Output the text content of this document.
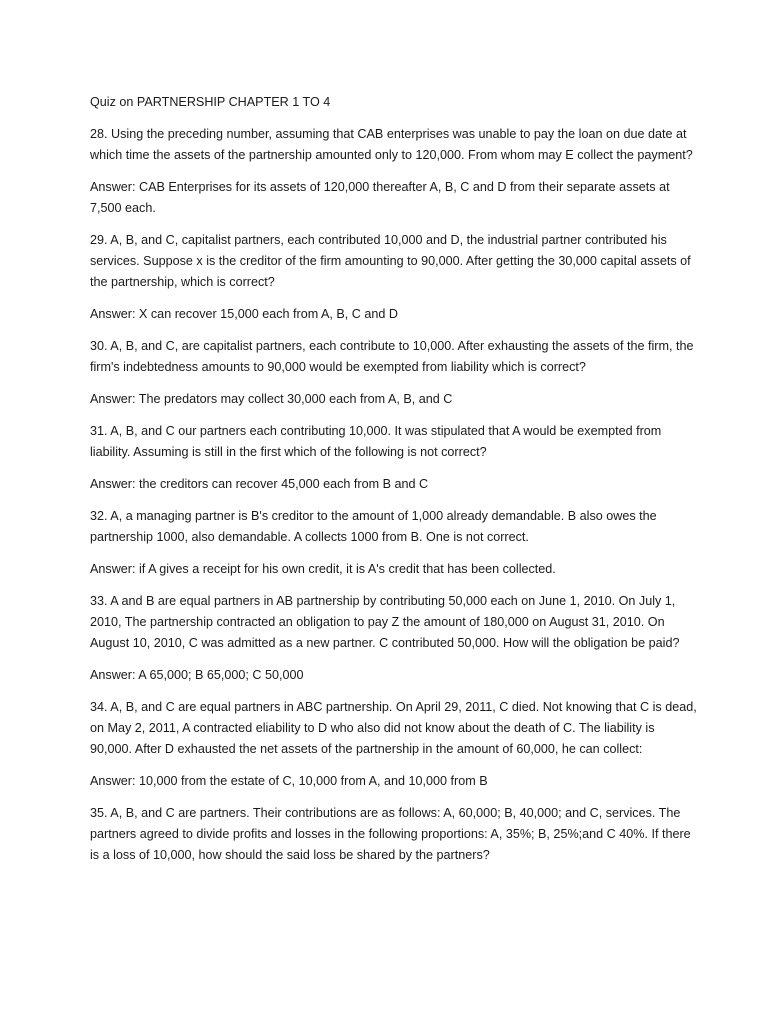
Quiz on PARTNERSHIP CHAPTER 1 TO 4

28. Using the preceding number, assuming that CAB enterprises was unable to pay the loan on due date at which time the assets of the partnership amounted only to 120,000. From whom may E collect the payment?

Answer: CAB Enterprises for its assets of 120,000 thereafter A, B, C and D from their separate assets at 7,500 each.

29. A, B, and C, capitalist partners, each contributed 10,000 and D, the industrial partner contributed his services. Suppose x is the creditor of the firm amounting to 90,000. After getting the 30,000 capital assets of the partnership, which is correct?

Answer: X can recover 15,000 each from A, B, C and D

30. A, B, and C, are capitalist partners, each contribute to 10,000. After exhausting the assets of the firm, the firm's indebtedness amounts to 90,000 would be exempted from liability which is correct?

Answer: The predators may collect 30,000 each from A, B, and C

31. A, B, and C our partners each contributing 10,000. It was stipulated that A would be exempted from liability. Assuming is still in the first which of the following is not correct?

Answer: the creditors can recover 45,000 each from B and C

32. A, a managing partner is B's creditor to the amount of 1,000 already demandable. B also owes the partnership 1000, also demandable. A collects 1000 from B. One is not correct.

Answer: if A gives a receipt for his own credit, it is A's credit that has been collected.

33. A and B are equal partners in AB partnership by contributing 50,000 each on June 1, 2010. On July 1, 2010, The partnership contracted an obligation to pay Z the amount of 180,000 on August 31, 2010. On August 10, 2010, C was admitted as a new partner. C contributed 50,000. How will the obligation be paid?

Answer: A 65,000; B 65,000; C 50,000

34. A, B, and C are equal partners in ABC partnership. On April 29, 2011, C died. Not knowing that C is dead, on May 2, 2011, A contracted eliability to D who also did not know about the death of C. The liability is 90,000. After D exhausted the net assets of the partnership in the amount of 60,000, he can collect:

Answer: 10,000 from the estate of C, 10,000 from A, and 10,000 from B

35. A, B, and C are partners. Their contributions are as follows: A, 60,000; B, 40,000; and C, services. The partners agreed to divide profits and losses in the following proportions: A, 35%; B, 25%;and C 40%. If there is a loss of 10,000, how should the said loss be shared by the partners?
